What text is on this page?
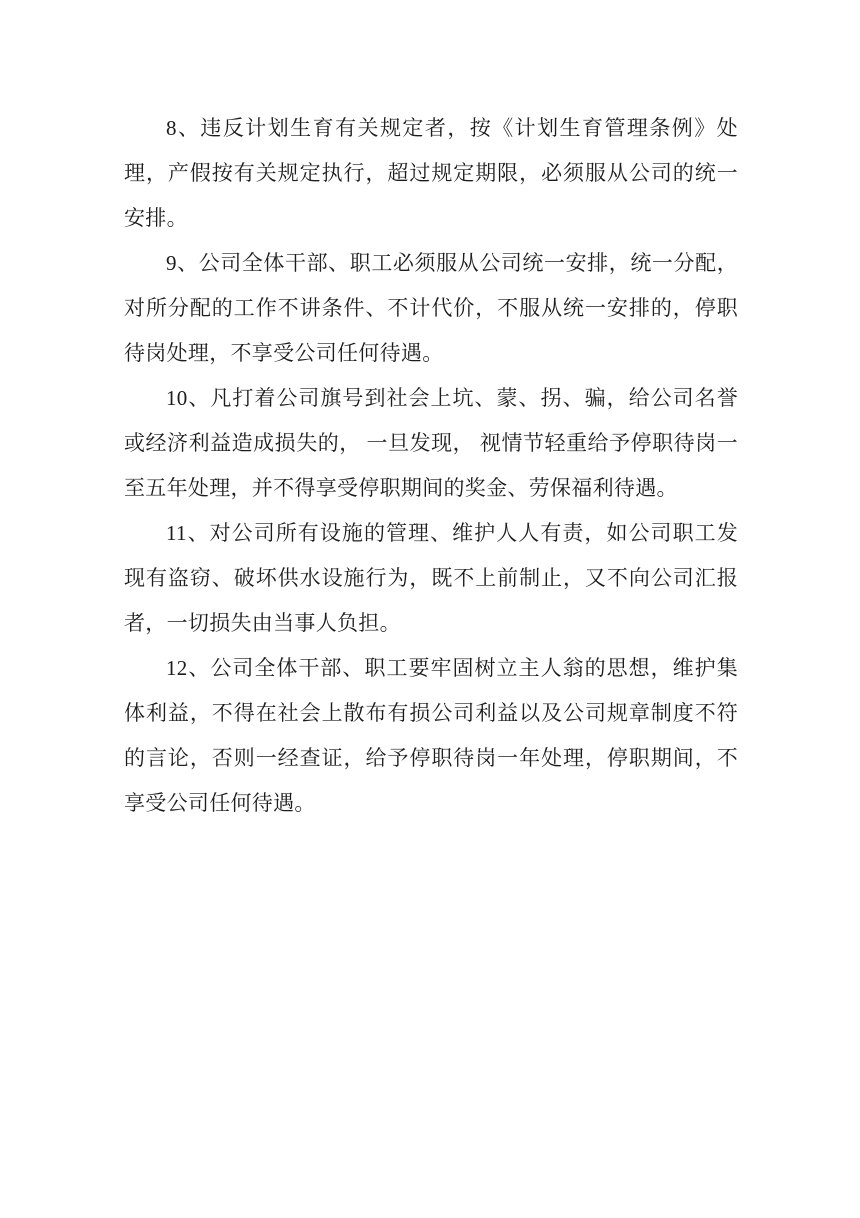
8、违反计划生育有关规定者，按《计划生育管理条例》处理，产假按有关规定执行，超过规定期限，必须服从公司的统一安排。

9、公司全体干部、职工必须服从公司统一安排，统一分配，对所分配的工作不讲条件、不计代价，不服从统一安排的，停职待岗处理，不享受公司任何待遇。

10、凡打着公司旗号到社会上坑、蒙、拐、骗，给公司名誉或经济利益造成损失的， 一旦发现， 视情节轻重给予停职待岗一至五年处理，并不得享受停职期间的奖金、劳保福利待遇。

11、对公司所有设施的管理、维护人人有责，如公司职工发现有盗窃、破坏供水设施行为，既不上前制止，又不向公司汇报者，一切损失由当事人负担。

12、公司全体干部、职工要牢固树立主人翁的思想，维护集体利益，不得在社会上散布有损公司利益以及公司规章制度不符的言论，否则一经查证，给予停职待岗一年处理，停职期间，不享受公司任何待遇。
